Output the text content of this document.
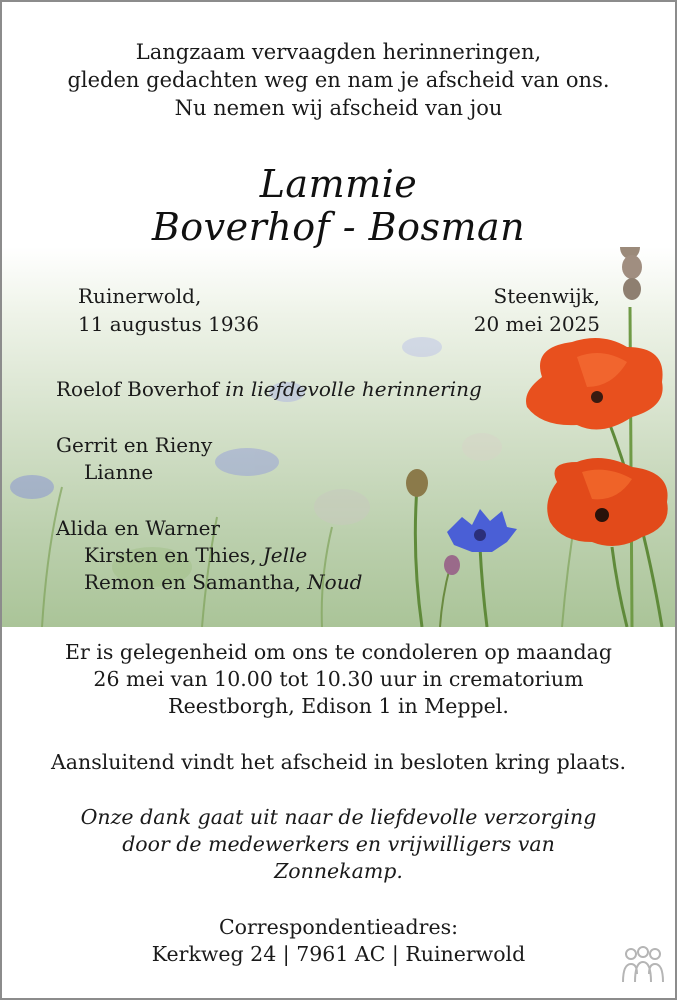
Langzaam vervaagden herinneringen,
gleden gedachten weg en nam je afscheid van ons.
Nu nemen wij afscheid van jou
Lammie
Boverhof - Bosman
Ruinerwold,
11 augustus 1936
Steenwijk,
20 mei 2025
Roelof Boverhof in liefdevolle herinnering
Gerrit en Rieny
Lianne
Alida en Warner
Kirsten en Thies, Jelle
Remon en Samantha, Noud
Er is gelegenheid om ons te condoleren op maandag
26 mei van 10.00 tot 10.30 uur in crematorium
Reestborgh, Edison 1 in Meppel.
Aansluitend vindt het afscheid in besloten kring plaats.
Onze dank gaat uit naar de liefdevolle verzorging
door de medewerkers en vrijwilligers van
Zonnekamp.
Correspondentieadres:
Kerkweg 24 | 7961 AC | Ruinerwold
